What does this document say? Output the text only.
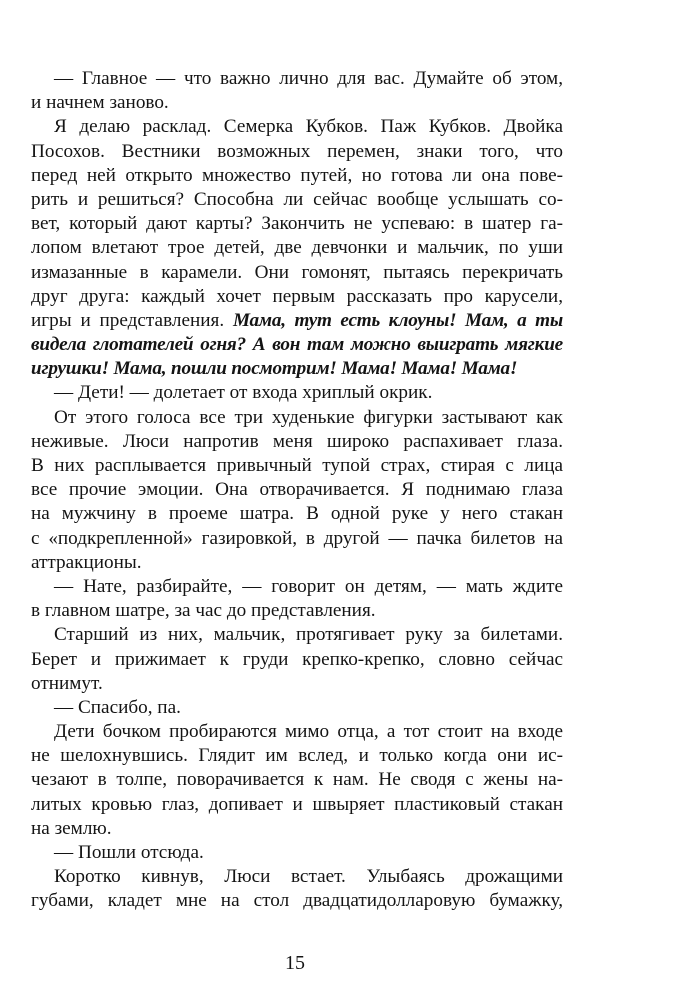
— Главное — что важно лично для вас. Думайте об этом,
и начнем заново.
Я делаю расклад. Семерка Кубков. Паж Кубков. Двойка
Посохов. Вестники возможных перемен, знаки того, что
перед ней открыто множество путей, но готова ли она пове-
рить и решиться? Способна ли сейчас вообще услышать со-
вет, который дают карты? Закончить не успеваю: в шатер га-
лопом влетают трое детей, две девчонки и мальчик, по уши
измазанные в карамели. Они гомонят, пытаясь перекричать
друг друга: каждый хочет первым рассказать про карусели,
игры и представления. Мама, тут есть клоуны! Мам, а ты
видела глотателей огня? А вон там можно выиграть мягкие
игрушки! Мама, пошли посмотрим! Мама! Мама! Мама!
— Дети! — долетает от входа хриплый окрик.
От этого голоса все три худенькие фигурки застывают как
неживые. Люси напротив меня широко распахивает глаза.
В них расплывается привычный тупой страх, стирая с лица
все прочие эмоции. Она отворачивается. Я поднимаю глаза
на мужчину в проеме шатра. В одной руке у него стакан
с «подкрепленной» газировкой, в другой — пачка билетов на
аттракционы.
— Нате, разбирайте, — говорит он детям, — мать ждите
в главном шатре, за час до представления.
Старший из них, мальчик, протягивает руку за билетами.
Берет и прижимает к груди крепко-крепко, словно сейчас
отнимут.
— Спасибо, па.
Дети бочком пробираются мимо отца, а тот стоит на входе
не шелохнувшись. Глядит им вслед, и только когда они ис-
чезают в толпе, поворачивается к нам. Не сводя с жены на-
литых кровью глаз, допивает и швыряет пластиковый стакан
на землю.
— Пошли отсюда.
Коротко кивнув, Люси встает. Улыбаясь дрожащими
губами, кладет мне на стол двадцатидолларовую бумажку,
15
